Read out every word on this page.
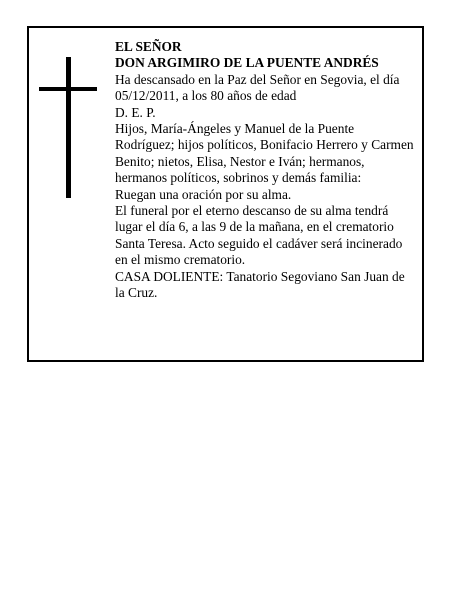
EL SEÑOR
DON ARGIMIRO DE LA PUENTE ANDRÉS
Ha descansado en la Paz del Señor en Segovia, el día
05/12/2011, a los 80 años de edad
D. E. P.
Hijos, María-Ángeles y Manuel de la Puente
Rodríguez; hijos políticos, Bonifacio Herrero y Carmen
Benito; nietos, Elisa, Nestor e Iván; hermanos,
hermanos políticos, sobrinos y demás familia:
Ruegan una oración por su alma.
El funeral por el eterno descanso de su alma tendrá
lugar el día 6, a las 9 de la mañana, en el crematorio
Santa Teresa. Acto seguido el cadáver será incinerado
en el mismo crematorio.
CASA DOLIENTE: Tanatorio Segoviano San Juan de
la Cruz.
